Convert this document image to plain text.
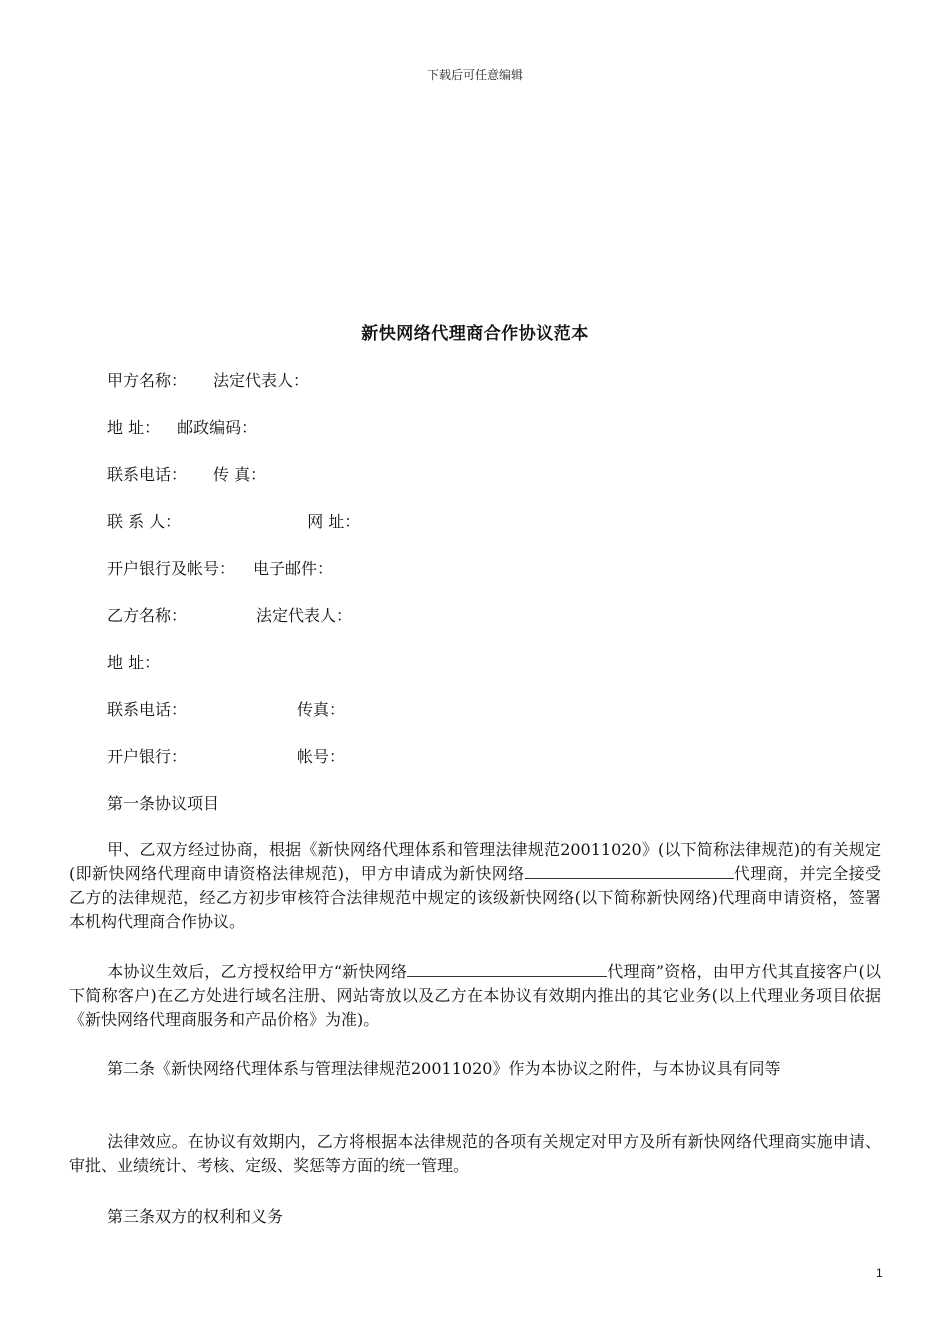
下载后可任意编辑
新快网络代理商合作协议范本
甲方名称： 法定代表人：
地 址： 邮政编码：
联系电话： 传 真：
联 系 人：	网 址：
开户银行及帐号： 电子邮件：
乙方名称：	法定代表人：
地 址：
联系电话：	传真：
开户银行：	帐号：
第一条协议项目
甲、乙双方经过协商，根据《新快网络代理体系和管理法律规范20011020》(以下简称法律规范)的有关规定(即新快网络代理商申请资格法律规范)，甲方申请成为新快网络	代理商，并完全接受乙方的法律规范，经乙方初步审核符合法律规范中规定的该级新快网络(以下简称新快网络)代理商申请资格，签署本机构代理商合作协议。
本协议生效后，乙方授权给甲方“新快网络	代理商”资格，由甲方代其直接客户(以下简称客户)在乙方处进行域名注册、网站寄放以及乙方在本协议有效期内推出的其它业务(以上代理业务项目依据《新快网络代理商服务和产品价格》为准)。
第二条《新快网络代理体系与管理法律规范20011020》作为本协议之附件，与本协议具有同等
法律效应。在协议有效期内，乙方将根据本法律规范的各项有关规定对甲方及所有新快网络代理商实施申请、审批、业绩统计、考核、定级、奖惩等方面的统一管理。
第三条双方的权利和义务
1
